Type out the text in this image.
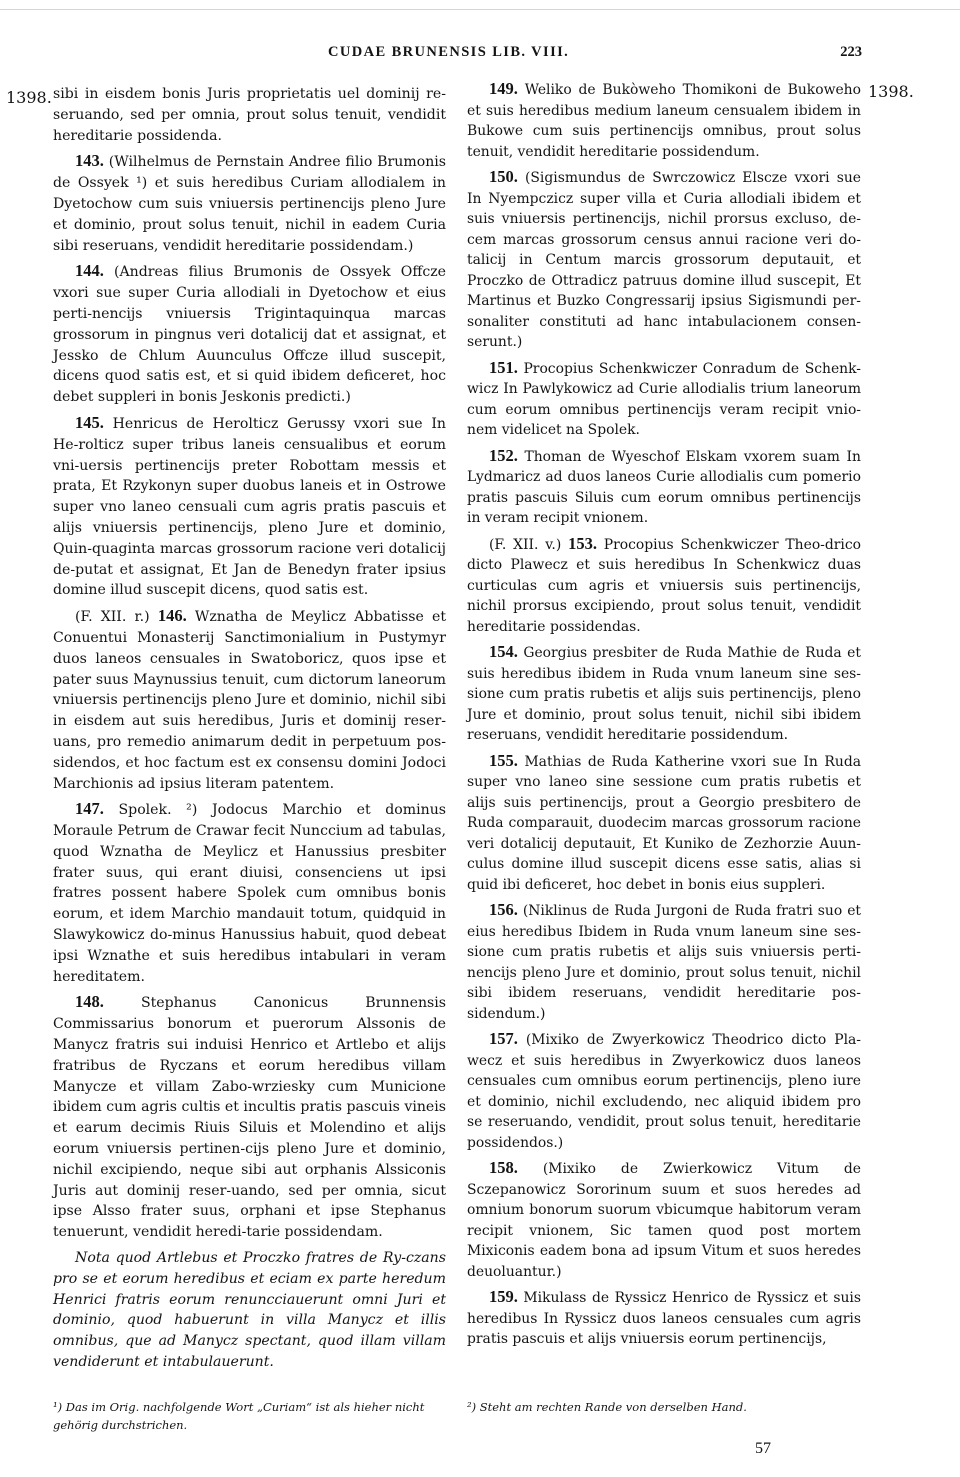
CUDAE BRUNENSIS LIB. VIII.	223
1398.	1398.

sibi in eisdem bonis Juris proprietatis uel dominij re-seruando, sed per omnia, prout solus tenuit, vendidit hereditarie possidenda.

143. (Wilhelmus de Pernstain Andree filio Brumonis de Ossyek ¹) et suis heredibus Curiam allodialem in Dyetochow cum suis vniuersis pertinencijs pleno Jure et dominio, prout solus tenuit, nichil in eadem Curia sibi reseruans, vendidit hereditarie possidendam.)

144. (Andreas filius Brumonis de Ossyek Offcze vxori sue super Curia allodiali in Dyetochow et eius perti-nencijs vniuersis Trigintaquinqua marcas grossorum in pingnus veri dotalicij dat et assignat, et Jessko de Chlum Auunculus Offcze illud suscepit, dicens quod satis est, et si quid ibidem deficeret, hoc debet suppleri in bonis Jeskonis predicti.)

145. Henricus de Herolticz Gerussy vxori sue In He-rolticz super tribus laneis censualibus et eorum vni-uersis pertinencijs preter Robottam messis et prata, Et Rzykonyn super duobus laneis et in Ostrowe super vno laneo censuali cum agris pratis pascuis et alijs vniuersis pertinencijs, pleno Jure et dominio, Quin-quaginta marcas grossorum racione veri dotalicij de-putat et assignat, Et Jan de Benedyn frater ipsius domine illud suscepit dicens, quod satis est.

(F. XII. r.) 146. Wznatha de Meylicz Abbatisse et Conuentui Monasterij Sanctimonialium in Pustymyr duos laneos censuales in Swatoboricz, quos ipse et pater suus Maynussius tenuit, cum dictorum laneorum vniuersis pertinencijs pleno Jure et dominio, nichil sibi in eisdem aut suis heredibus, Juris et dominij reser-uans, pro remedio animarum dedit in perpetuum pos-sidendos, et hoc factum est ex consensu domini Jodoci Marchionis ad ipsius literam patentem.

147. Spolek. ²) Jodocus Marchio et dominus Moraule Petrum de Crawar fecit Nunccium ad tabulas, quod Wznatha de Meylicz et Hanussius presbiter frater suus, qui erant diuisi, consenciens ut ipsi fratres possent habere Spolek cum omnibus bonis eorum, et idem Marchio mandauit totum, quidquid in Slawykowicz do-minus Hanussius habuit, quod debeat ipsi Wznathe et suis heredibus intabulari in veram hereditatem.

148.	Stephanus Canonicus Brunnensis Commissarius bonorum et puerorum Alssonis de Manycz fratris sui induisi Henrico et Artlebo et alijs fratribus de Ryczans et eorum heredibus villam Manycze et villam Zabo-wrziesky cum Municione ibidem cum agris cultis et incultis pratis pascuis vineis et earum decimis Riuis Siluis et Molendino et alijs eorum vniuersis pertinen-cijs pleno Jure et dominio, nichil excipiendo, neque sibi aut orphanis Alssiconis Juris aut dominij reser-uando, sed per omnia, sicut ipse Alsso frater suus, orphani et ipse Stephanus tenuerunt, vendidit heredi-tarie possidendam.

Nota quod Artlebus et Proczko fratres de Ry-czans pro se et eorum heredibus et eciam ex parte heredum Henrici fratris eorum renuncciauerunt omni Juri et dominio, quod habuerunt in villa Manycz et illis omnibus, que ad Manycz spectant, quod illam villam vendiderunt et intabulauerunt.

149. Weliko de Bukòweho Thomikoni de Bukoweho et suis heredibus medium laneum censualem ibidem in Bukowe cum suis pertinencijs omnibus, prout solus tenuit, vendidit hereditarie possidendum.

150. (Sigismundus de Swrczowicz Elscze vxori sue In Nyempczicz super villa et Curia allodiali ibidem et suis vniuersis pertinencijs, nichil prorsus excluso, de-cem marcas grossorum census annui racione veri do-talicij in Centum marcis grossorum deputauit, et Proczko de Ottradicz patruus domine illud suscepit, Et Martinus et Buzko Congressarij ipsius Sigismundi per-sonaliter constituti ad hanc intabulacionem consen-serunt.)

151. Procopius Schenkwiczer Conradum de Schenk-wicz In Pawlykowicz ad Curie allodialis trium laneorum cum eorum omnibus pertinencijs veram recipit vnio-nem videlicet na Spolek.

152. Thoman de Wyeschof Elskam vxorem suam In Lydmaricz ad duos laneos Curie allodialis cum pomerio pratis pascuis Siluis cum eorum omnibus pertinencijs in veram recipit vnionem.

(F. XII. v.) 153. Procopius Schenkwiczer Theo-drico dicto Plawecz et suis heredibus In Schenkwicz duas curticulas cum agris et vniuersis suis pertinencijs, nichil prorsus excipiendo, prout solus tenuit, vendidit hereditarie possidendas.

154. Georgius presbiter de Ruda Mathie de Ruda et suis heredibus ibidem in Ruda vnum laneum sine ses-sione cum pratis rubetis et alijs suis pertinencijs, pleno Jure et dominio, prout solus tenuit, nichil sibi ibidem reseruans, vendidit hereditarie possidendum.

155. Mathias de Ruda Katherine vxori sue In Ruda super vno laneo sine sessione cum pratis rubetis et alijs suis pertinencijs, prout a Georgio presbitero de Ruda comparauit, duodecim marcas grossorum racione veri dotalicij deputauit, Et Kuniko de Zezhorzie Auun-culus domine illud suscepit dicens esse satis, alias si quid ibi deficeret, hoc debet in bonis eius suppleri.

156. (Niklinus de Ruda Jurgoni de Ruda fratri suo et eius heredibus Ibidem in Ruda vnum laneum sine ses-sione cum pratis rubetis et alijs suis vniuersis perti-nencijs pleno Jure et dominio, prout solus tenuit, nichil sibi ibidem reseruans, vendidit hereditarie pos-sidendum.)

157. (Mixiko de Zwyerkowicz Theodrico dicto Pla-wecz et suis heredibus in Zwyerkowicz duos laneos censuales cum omnibus eorum pertinencijs, pleno iure et dominio, nichil excludendo, nec aliquid ibidem pro se reseruando, vendidit, prout solus tenuit, hereditarie possidendos.)

158. (Mixiko de Zwierkowicz Vitum de Sczepanowicz Sororinum suum et suos heredes ad omnium bonorum suorum vbicumque habitorum veram recipit vnionem, Sic tamen quod post mortem Mixiconis eadem bona ad ipsum Vitum et suos heredes deuoluantur.)

159. Mikulass de Ryssicz Henrico de Ryssicz et suis heredibus In Ryssicz duos laneos censuales cum agris pratis pascuis et alijs vniuersis eorum pertinencijs,

¹) Das im Orig. nachfolgende Wort „Curiam“ ist als hieher nicht gehörig durchstrichen.
²) Steht am rechten Rande von derselben Hand.
57
